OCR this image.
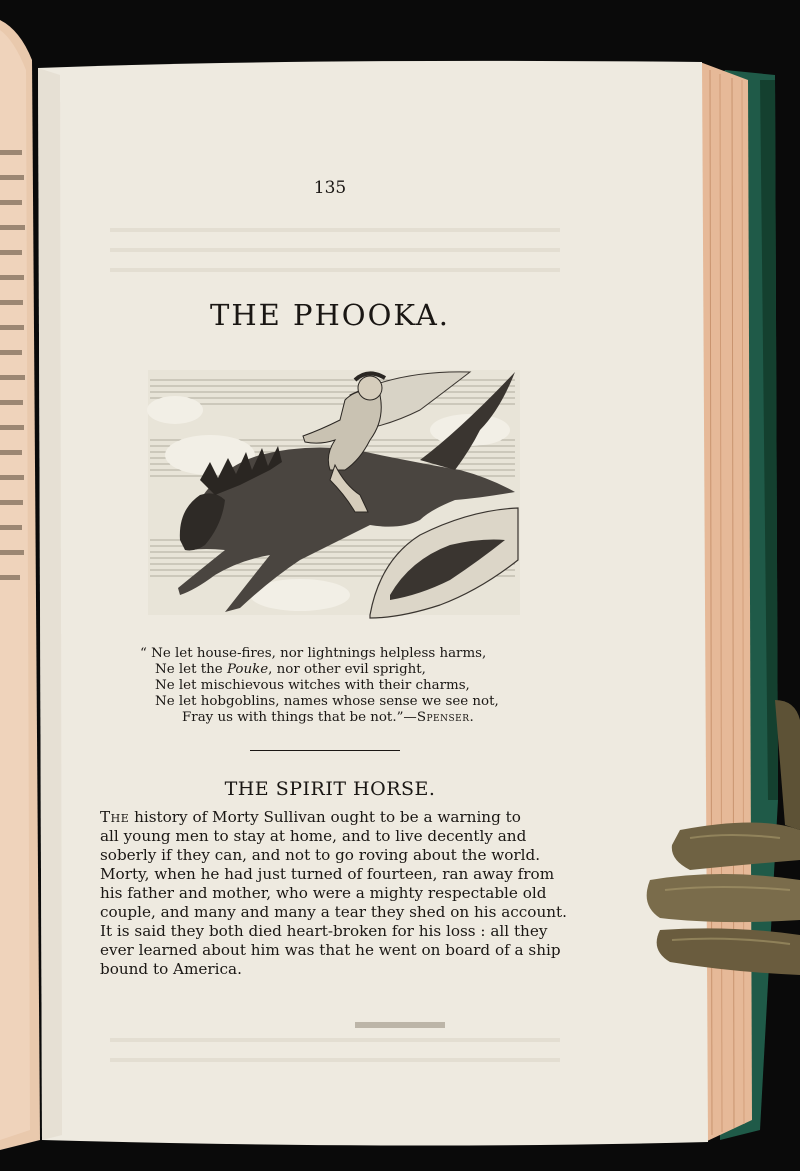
135

THE PHOOKA.

“ Ne let house-fires, nor lightnings helpless harms,

Ne let the Pouke, nor other evil spright,

Ne let mischievous witches with their charms,

Ne let hobgoblins, names whose sense we see not,

Fray us with things that be not.”—Spenser.

THE SPIRIT HORSE.

The history of Morty Sullivan ought to be a warning to

all young men to stay at home, and to live decently and

soberly if they can, and not to go roving about the world.

Morty, when he had just turned of fourteen, ran away from

his father and mother, who were a mighty respectable old

couple, and many and many a tear they shed on his account.

It is said they both died heart-broken for his loss : all they

ever learned about him was that he went on board of a ship

bound to America.
